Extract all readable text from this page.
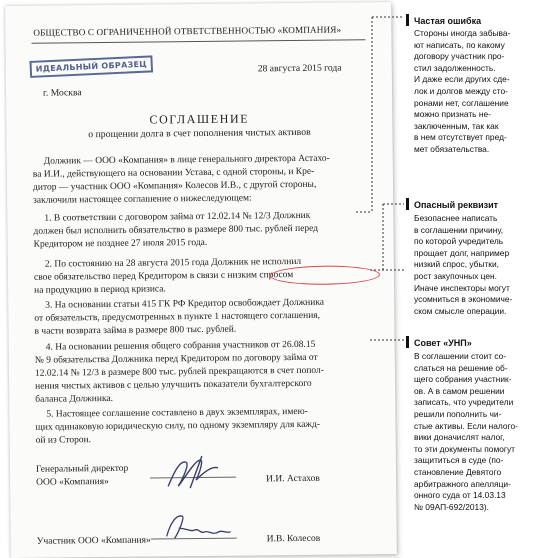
ОБЩЕСТВО С ОГРАНИЧЕННОЙ ОТВЕТСТВЕННОСТЬЮ «КОМПАНИЯ»
ИДЕАЛЬНЫЙ ОБРАЗЕЦ	28 августа 2015 года
г. Москва
СОГЛАШЕНИЕ
о прощении долга в счет пополнения чистых активов
Должник — ООО «Компания» в лице генерального директора Астахо-
ва И.И., действующего на основании Устава, с одной стороны, и Кре-
дитор — участник ООО «Компания» Колесов И.В., с другой стороны,
заключили настоящее соглашение о нижеследующем:
1. В соответствии с договором займа от 12.02.14 № 12/3 Должник
должен был исполнить обязательство в размере 800 тыс. рублей перед
Кредитором не позднее 27 июля 2015 года.
2. По состоянию на 28 августа 2015 года Должник не исполнил
свое обязательство перед Кредитором в связи с низким спросом
на продукцию в период кризиса.
3. На основании статьи 415 ГК РФ Кредитор освобождает Должника
от обязательств, предусмотренных в пункте 1 настоящего соглашения,
в части возврата займа в размере 800 тыс. рублей.
4. На основании решения общего собрания участников от 26.08.15
№ 9 обязательства Должника перед Кредитором по договору займа от
12.02.14 № 12/3 в размере 800 тыс. рублей прекращаются в счет попол-
нения чистых активов с целью улучшить показатели бухгалтерского
баланса Должника.
5. Настоящее соглашение составлено в двух экземплярах, имею-
щих одинаковую юридическую силу, по одному экземпляру для кажд-
ой из Сторон.
Генеральный директор
ООО «Компания»	И.И. Астахов
Участник ООО «Компания»	И.В. Колесов
Частая ошибка
Стороны иногда забыва-
ют написать, по какому
договору участник про-
стил задолженность.
И даже если других сде-
лок и долгов между сто-
ронами нет, соглашение
можно признать не-
заключенным, так как
в нем отсутствует пред-
мет обязательства.
Опасный реквизит
Безопаснее написать
в соглашении причину,
по которой учредитель
прощает долг, например
низкий спрос, убытки,
рост закупочных цен.
Иначе инспекторы могут
усомниться в экономиче-
ском смысле операции.
Совет «УНП»
В соглашении стоит со-
слаться на решение об-
щего собрания участник-
ов. А в самом решении
записать, что учредители
решили пополнить чи-
стые активы. Если налого-
вики доначислят налог,
то эти документы помогут
защититься в суде (по-
становление Девятого
арбитражного апелляци-
онного суда от 14.03.13
№ 09АП-692/2013).
